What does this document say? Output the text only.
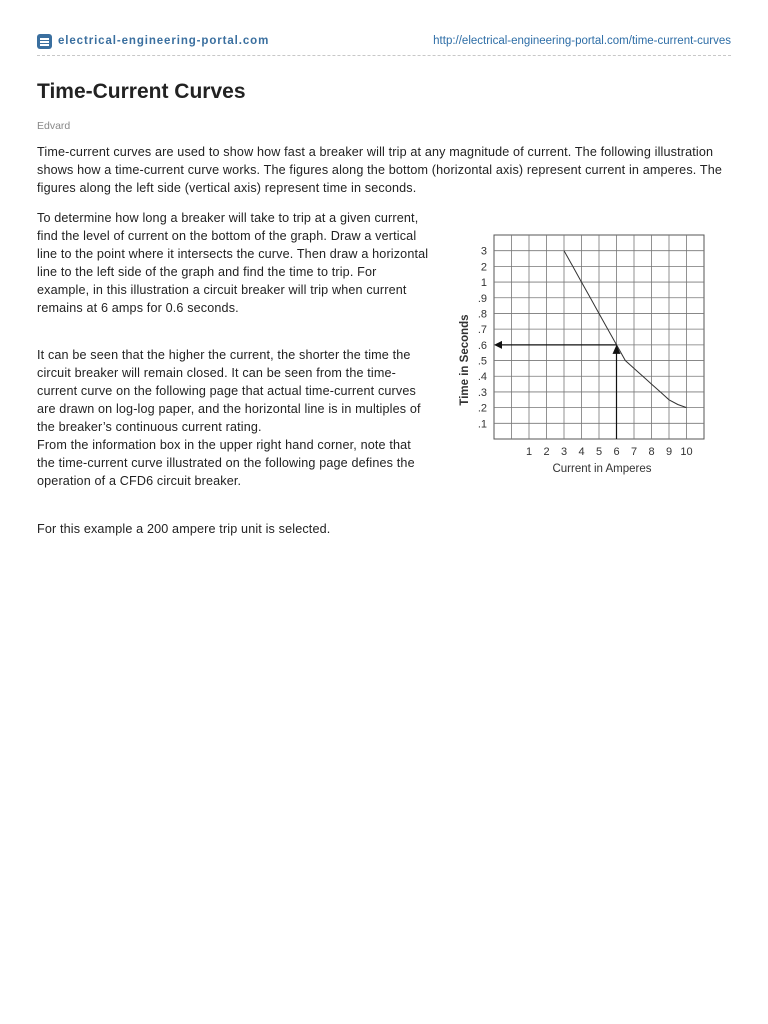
electrical-engineering-portal.com	http://electrical-engineering-portal.com/time-current-curves
Time-Current Curves
Edvard

Time-current curves are used to show how fast a breaker will trip at any magnitude of current. The following illustration shows how a time-current curve works. The figures along the bottom (horizontal axis) represent current in amperes. The figures along the left side (vertical axis) represent time in seconds.

To determine how long a breaker will take to trip at a given current, find the level of current on the bottom of the graph. Draw a vertical line to the point where it intersects the curve. Then draw a horizontal line to the left side of the graph and find the time to trip. For example, in this illustration a circuit breaker will trip when current remains at 6 amps for 0.6 seconds.

It can be seen that the higher the current, the shorter the time the circuit breaker will remain closed. It can be seen from the time-current curve on the following page that actual time-current curves are drawn on log-log paper, and the horizontal line is in multiples of the breaker’s continuous current rating.
From the information box in the upper right hand corner, note that the time-current curve illustrated on the following page defines the operation of a CFD6 circuit breaker.

For this example a 200 ampere trip unit is selected.

.1
.2
.3
.4
.5
.6
.7
.8
.9
1
2
3
1 2 3 4 5 6 7 8 9 10
Time in Seconds
Current in Amperes
